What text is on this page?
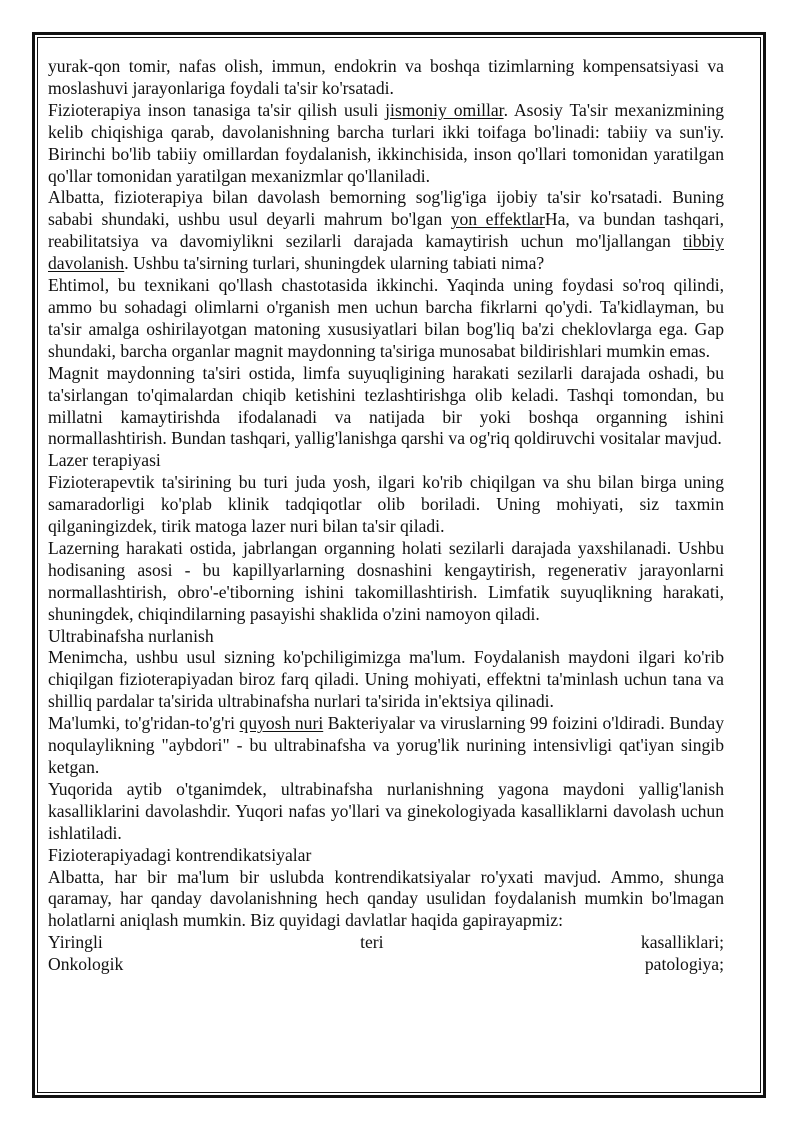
yurak-qon tomir, nafas olish, immun, endokrin va boshqa tizimlarning kompensatsiyasi va moslashuvi jarayonlariga foydali ta'sir ko'rsatadi.

Fizioterapiya inson tanasiga ta'sir qilish usuli jismoniy omillar. Asosiy Ta'sir mexanizmining kelib chiqishiga qarab, davolanishning barcha turlari ikki toifaga bo'linadi: tabiiy va sun'iy. Birinchi bo'lib tabiiy omillardan foydalanish, ikkinchisida, inson qo'llari tomonidan yaratilgan qo'llar tomonidan yaratilgan mexanizmlar qo'llaniladi.

Albatta, fizioterapiya bilan davolash bemorning sog'lig'iga ijobiy ta'sir ko'rsatadi. Buning sababi shundaki, ushbu usul deyarli mahrum bo'lgan yon effektlarHa, va bundan tashqari, reabilitatsiya va davomiylikni sezilarli darajada kamaytirish uchun mo'ljallangan tibbiy davolanish. Ushbu ta'sirning turlari, shuningdek ularning tabiati nima?

Ehtimol, bu texnikani qo'llash chastotasida ikkinchi. Yaqinda uning foydasi so'roq qilindi, ammo bu sohadagi olimlarni o'rganish men uchun barcha fikrlarni qo'ydi. Ta'kidlayman, bu ta'sir amalga oshirilayotgan matoning xususiyatlari bilan bog'liq ba'zi cheklovlarga ega. Gap shundaki, barcha organlar magnit maydonning ta'siriga munosabat bildirishlari mumkin emas.

Magnit maydonning ta'siri ostida, limfa suyuqligining harakati sezilarli darajada oshadi, bu ta'sirlangan to'qimalardan chiqib ketishini tezlashtirishga olib keladi. Tashqi tomondan, bu millatni kamaytirishda ifodalanadi va natijada bir yoki boshqa organning ishini normallashtirish. Bundan tashqari, yallig'lanishga qarshi va og'riq qoldiruvchi vositalar mavjud.

Lazer terapiyasi

Fizioterapevtik ta'sirining bu turi juda yosh, ilgari ko'rib chiqilgan va shu bilan birga uning samaradorligi ko'plab klinik tadqiqotlar olib boriladi. Uning mohiyati, siz taxmin qilganingizdek, tirik matoga lazer nuri bilan ta'sir qiladi.

Lazerning harakati ostida, jabrlangan organning holati sezilarli darajada yaxshilanadi. Ushbu hodisaning asosi - bu kapillyarlarning dosnashini kengaytirish, regenerativ jarayonlarni normallashtirish, obro'-e'tiborning ishini takomillashtirish. Limfatik suyuqlikning harakati, shuningdek, chiqindilarning pasayishi shaklida o'zini namoyon qiladi.

Ultrabinafsha nurlanish

Menimcha, ushbu usul sizning ko'pchiligimizga ma'lum. Foydalanish maydoni ilgari ko'rib chiqilgan fizioterapiyadan biroz farq qiladi. Uning mohiyati, effektni ta'minlash uchun tana va shilliq pardalar ta'sirida ultrabinafsha nurlari ta'sirida in'ektsiya qilinadi.

Ma'lumki, to'g'ridan-to'g'ri quyosh nuri Bakteriyalar va viruslarning 99 foizini o'ldiradi. Bunday noqulaylikning "aybdori" - bu ultrabinafsha va yorug'lik nurining intensivligi qat'iyan singib ketgan.

Yuqorida aytib o'tganimdek, ultrabinafsha nurlanishning yagona maydoni yallig'lanish kasalliklarini davolashdir. Yuqori nafas yo'llari va ginekologiyada kasalliklarni davolash uchun ishlatiladi.

Fizioterapiyadagi kontrendikatsiyalar

Albatta, har bir ma'lum bir uslubda kontrendikatsiyalar ro'yxati mavjud. Ammo, shunga qaramay, har qanday davolanishning hech qanday usulidan foydalanish mumkin bo'lmagan holatlarni aniqlash mumkin. Biz quyidagi davlatlar haqida gapirayapmiz:

Yiringli	teri	kasalliklari;
Onkologik	patologiya;
